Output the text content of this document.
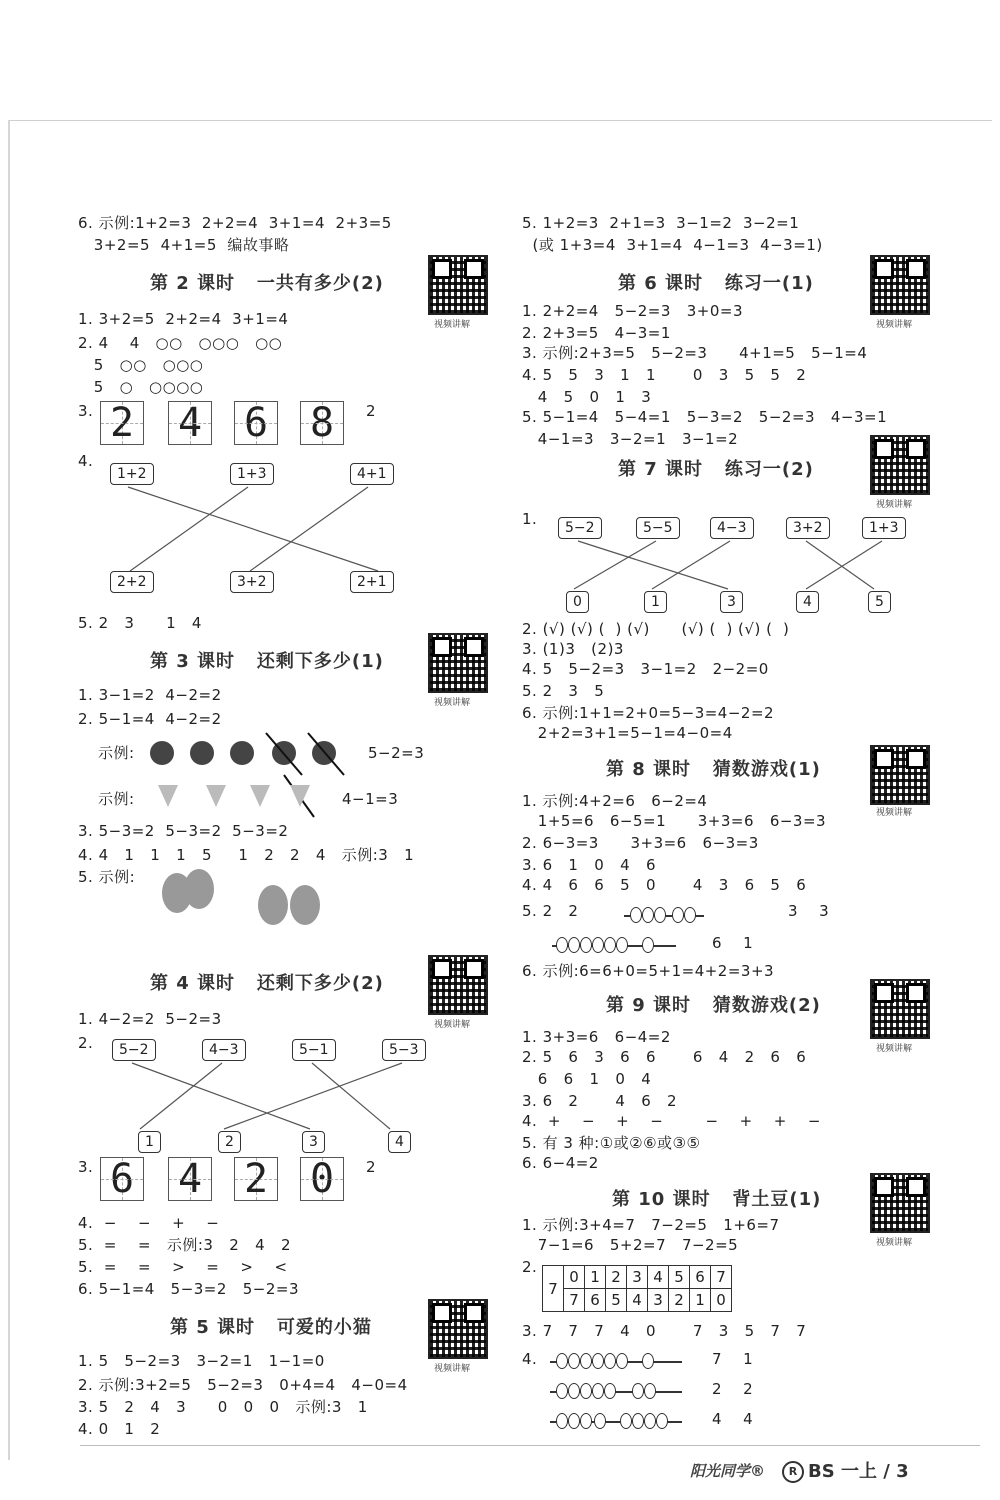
6. 示例:1+2=3  2+2=4  3+1=4  2+3=5
3+2=5  4+1=5  编故事略
第 2 课时   一共有多少(2)
视频讲解
1. 3+2=5  2+2=4  3+1=4
2. 4    4   ○○   ○○○   ○○
5   ○○   ○○○
5   ○   ○○○○
3. 2 4 6 8	2
4.
1+2	1+3	4+1
2+2	3+2	2+1
5. 2   3      1   4
第 3 课时   还剩下多少(1)
视频讲解
1. 3−1=2  4−2=2
2. 5−1=4  4−2=2
示例:	5−2=3
示例:	4−1=3
3. 5−3=2  5−3=2  5−3=2
4. 4   1   1   1   5     1   2   2   4   示例:3   1
5. 示例:
第 4 课时   还剩下多少(2)
视频讲解
1. 4−2=2  5−2=3
2.	5−2	4−3	5−1	5−3
1	2	3	4
3. 6 4 2 0	2
4.  −    −    +    −
5.  =    =   示例:3   2   4   2
5.  =    =    >    =    >    <
6. 5−1=4   5−3=2   5−2=3
第 5 课时   可爱的小猫
视频讲解
1. 5   5−2=3   3−2=1   1−1=0
2. 示例:3+2=5   5−2=3   0+4=4   4−0=4
3. 5   2   4   3      0   0   0   示例:3   1
4. 0   1   2
5. 1+2=3  2+1=3  3−1=2  3−2=1
(或 1+3=4  3+1=4  4−1=3  4−3=1)
第 6 课时   练习一(1)
视频讲解
1. 2+2=4   5−2=3   3+0=3
2. 2+3=5   4−3=1
3. 示例:2+3=5   5−2=3      4+1=5   5−1=4
4. 5   5   3   1   1       0   3   5   5   2
4   5   0   1   3
5. 5−1=4   5−4=1   5−3=2   5−2=3   4−3=1
4−1=3   3−2=1   3−1=2
第 7 课时   练习一(2)
视频讲解
1.	5−2	5−5	4−3	3+2	1+3
0	1	3	4	5
2. (√) (√) (  ) (√)      (√) (  ) (√) (  )
3. (1)3   (2)3
4. 5   5−2=3   3−1=2   2−2=0
5. 2   3   5
6. 示例:1+1=2+0=5−3=4−2=2
2+2=3+1=5−1=4−0=4
第 8 课时   猜数游戏(1)
视频讲解
1. 示例:4+2=6   6−2=4
1+5=6   6−5=1      3+3=6   6−3=3
2. 6−3=3      3+3=6   6−3=3
3. 6   1   0   4   6
4. 4   6   6   5   0       4   3   6   5   6
5. 2   2	3    3
6    1
6. 示例:6=6+0=5+1=4+2=3+3
第 9 课时   猜数游戏(2)
视频讲解
1. 3+3=6   6−4=2
2. 5   6   3   6   6       6   4   2   6   6
6   6   1   0   4
3. 6   2       4   6   2
4.  +    −    +    −        −    +    +    −
5. 有 3 种:①或②⑥或③⑤
6. 6−4=2
第 10 课时   背土豆(1)
视频讲解
1. 示例:3+4=7   7−2=5   1+6=7
7−1=6   5+2=7   7−2=5
2.
7	0	1	2	3	4	5	6	7
	7	6	5	4	3	2	1	0
3. 7   7   7   4   0       7   3   5   7   7
4.	7    1
2    2
4    4
阳光同学®	R BS 一上 / 3
